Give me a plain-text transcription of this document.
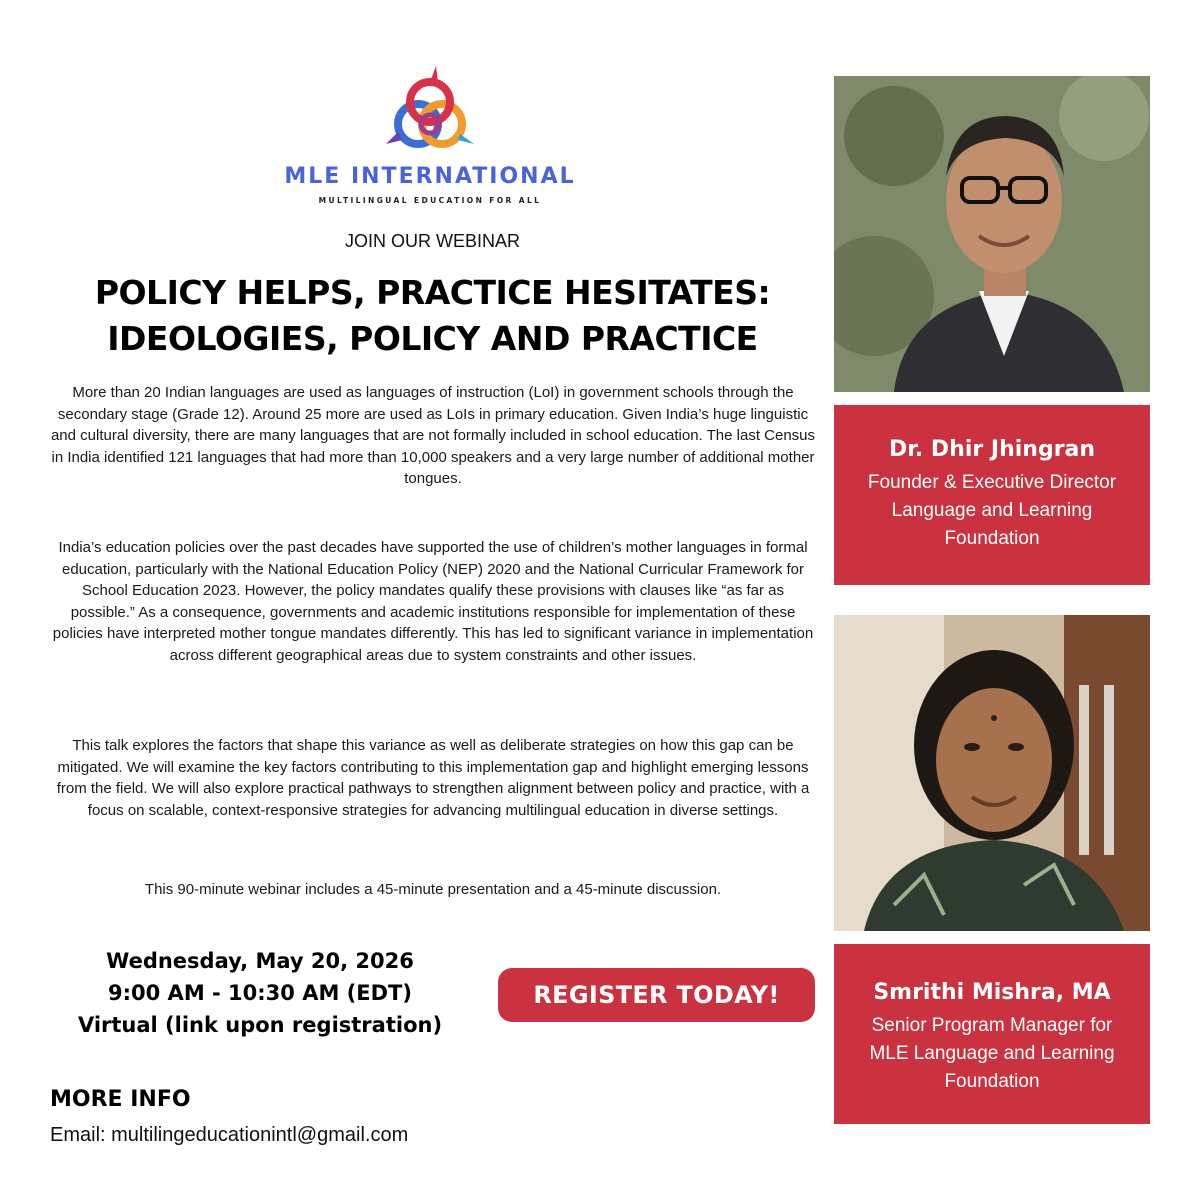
MLE INTERNATIONAL
MULTILINGUAL EDUCATION FOR ALL
JOIN OUR WEBINAR
POLICY HELPS, PRACTICE HESITATES:
IDEOLOGIES, POLICY AND PRACTICE
More than 20 Indian languages are used as languages of instruction (LoI) in government schools through the secondary stage (Grade 12). Around 25 more are used as LoIs in primary education. Given India’s huge linguistic and cultural diversity, there are many languages that are not formally included in school education. The last Census in India identified 121 languages that had more than 10,000 speakers and a very large number of additional mother tongues.
India’s education policies over the past decades have supported the use of children’s mother languages in formal education, particularly with the National Education Policy (NEP) 2020 and the National Curricular Framework for School Education 2023. However, the policy mandates qualify these provisions with clauses like “as far as possible.” As a consequence, governments and academic institutions responsible for implementation of these policies have interpreted mother tongue mandates differently. This has led to significant variance in implementation across different geographical areas due to system constraints and other issues.
This talk explores the factors that shape this variance as well as deliberate strategies on how this gap can be mitigated. We will examine the key factors contributing to this implementation gap and highlight emerging lessons from the field. We will also explore practical pathways to strengthen alignment between policy and practice, with a focus on scalable, context-responsive strategies for advancing multilingual education in diverse settings.
This 90-minute webinar includes a 45-minute presentation and a 45-minute discussion.
Wednesday, May 20, 2026
9:00 AM - 10:30 AM (EDT)
Virtual (link upon registration)
REGISTER TODAY!
MORE INFO
Email: multilingeducationintl@gmail.com
Dr. Dhir Jhingran
Founder & Executive Director
Language and Learning
Foundation
Smrithi Mishra, MA
Senior Program Manager for
MLE Language and Learning
Foundation
